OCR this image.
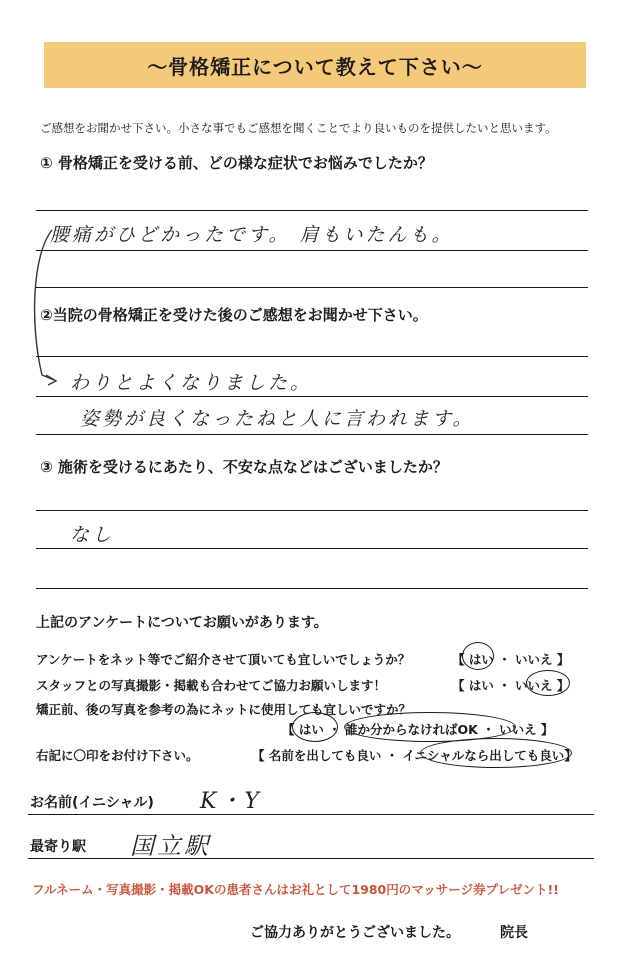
～骨格矯正について教えて下さい～
ご感想をお聞かせ下さい。小さな事でもご感想を聞くことでより良いものを提供したいと思います。
① 骨格矯正を受ける前、どの様な症状でお悩みでしたか？
腰痛がひどかったです。 肩もいたんも。
②当院の骨格矯正を受けた後のご感想をお聞かせ下さい。
わりとよくなりました。
姿勢が良くなったねと人に言われます。
③ 施術を受けるにあたり、不安な点などはございましたか？
なし
上記のアンケートについてお願いがあります。
アンケートをネット等でご紹介させて頂いても宜しいでしょうか？	【 はい ・ いいえ 】
スタッフとの写真撮影・掲載も合わせてご協力お願いします！	【 はい ・ いいえ 】
矯正前、後の写真を参考の為にネットに使用しても宜しいですか？
【 はい ・ 誰か分からなければOK ・ いいえ 】
右記に〇印をお付け下さい。	【 名前を出しても良い ・ イニシャルなら出しても良い】
お名前(イニシャル) K・Y
最寄り駅 国立駅
フルネーム・写真撮影・掲載OKの患者さんはお礼として1980円のマッサージ券プレゼント!!
ご協力ありがとうございました。	院長
